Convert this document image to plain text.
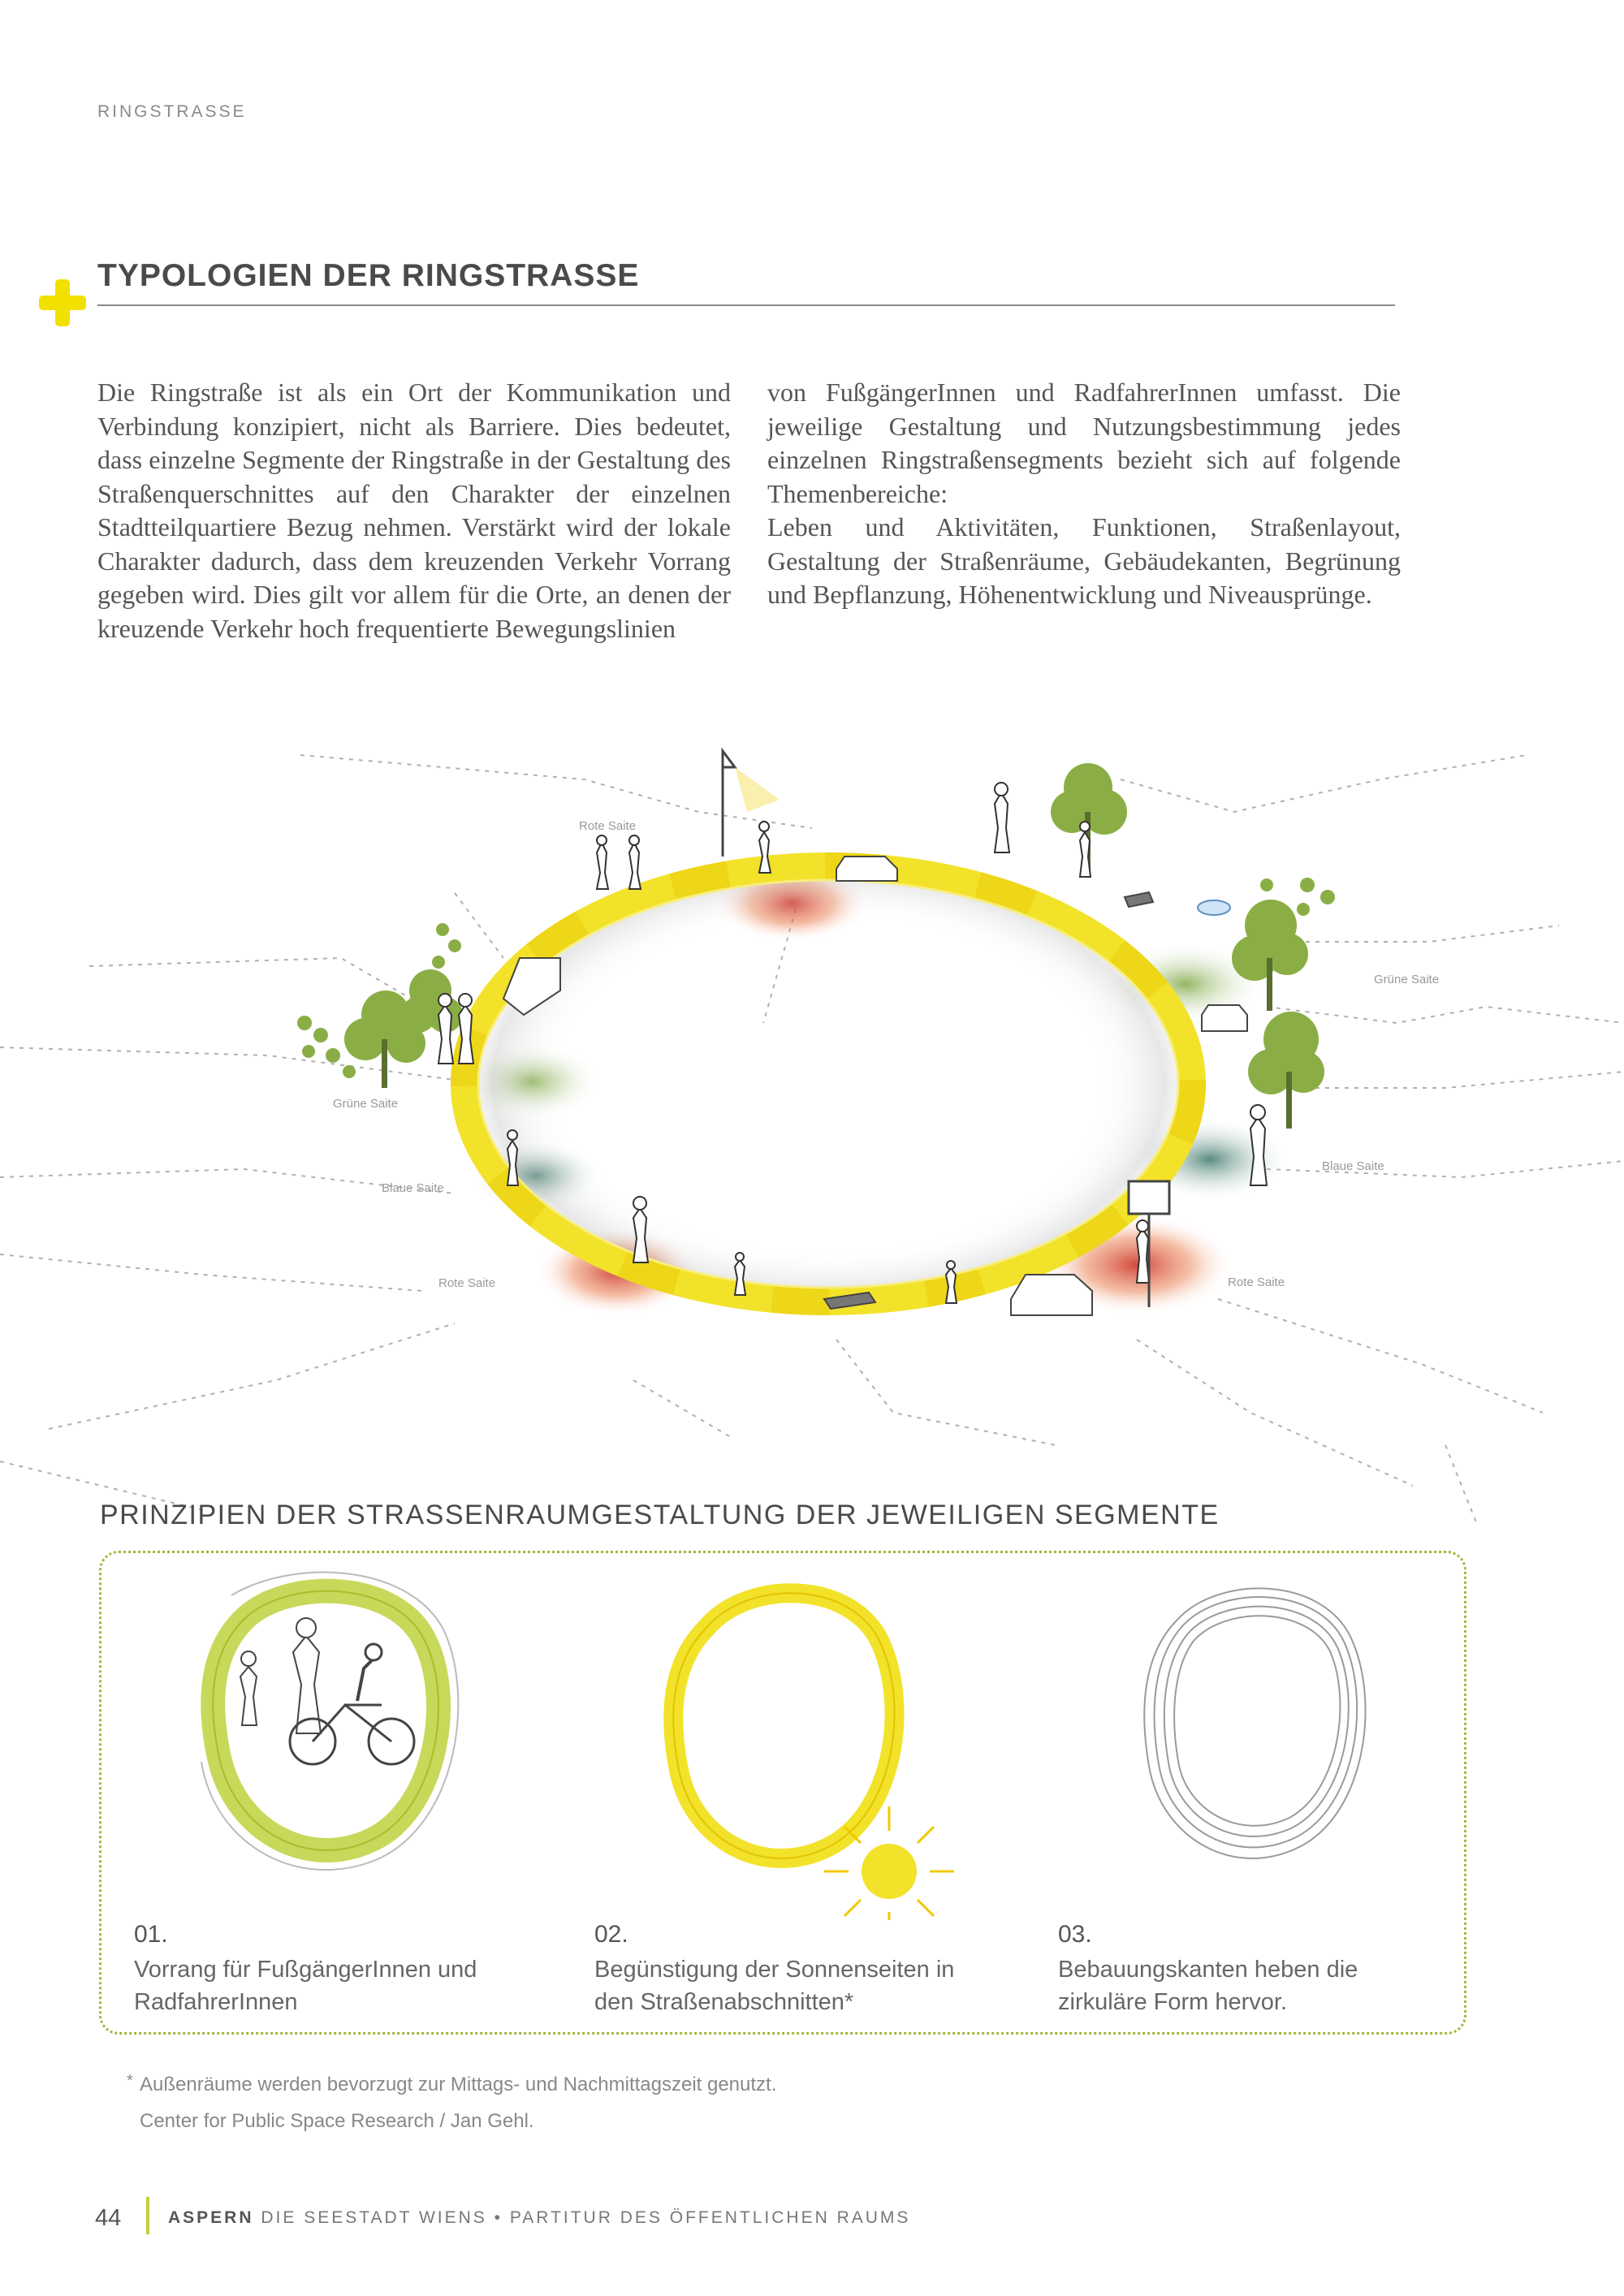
RINGSTRASSE
TYPOLOGIEN DER RINGSTRASSE

Die Ringstraße ist als ein Ort der Kommunikation und Verbindung konzipiert, nicht als Barriere. Dies bedeutet, dass einzelne Segmente der Ringstraße in der Gestaltung des Straßenquerschnittes auf den Charakter der einzelnen Stadtteilquartiere Bezug nehmen. Verstärkt wird der lokale Charakter dadurch, dass dem kreuzenden Verkehr Vorrang gegeben wird. Dies gilt vor allem für die Orte, an denen der kreuzende Verkehr hoch frequentierte Bewegungslinien

von FußgängerInnen und RadfahrerInnen umfasst. Die jeweilige Gestaltung und Nutzungsbestimmung jedes einzelnen Ringstraßensegments bezieht sich auf folgende Themenbereiche:

Leben und Aktivitäten, Funktionen, Straßenlayout, Gestaltung der Straßenräume, Gebäudekanten, Begrünung und Bepflanzung, Höhenentwicklung und Niveausprünge.

Rote Saite
Grüne Saite
Grüne Saite
Blaue Saite
Blaue Saite
Rote Saite	Rote Saite
PRINZIPIEN DER STRASSENRAUMGESTALTUNG DER JEWEILIGEN SEGMENTE
01.
Vorrang für FußgängerInnen und
RadfahrerInnen
02.
Begünstigung der Sonnenseiten in
den Straßenabschnitten*
03.
Bebauungskanten heben die
zirkuläre Form hervor.
* Außenräume werden bevorzugt zur Mittags- und Nachmittagszeit genutzt.
Center for Public Space Research / Jan Gehl.
44	ASPERN DIE SEESTADT WIENS • PARTITUR DES ÖFFENTLICHEN RAUMS
